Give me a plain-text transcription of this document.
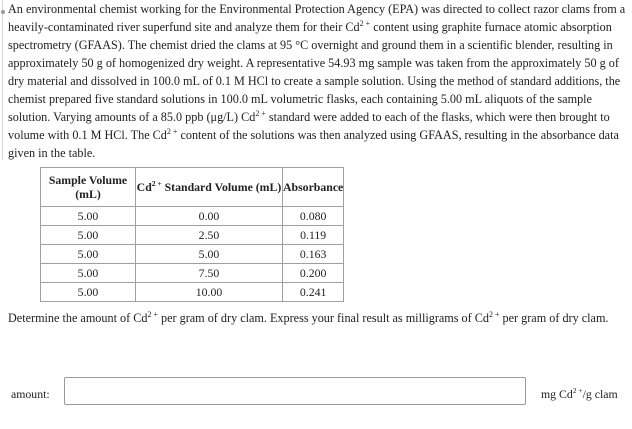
An environmental chemist working for the Environmental Protection Agency (EPA) was directed to collect razor clams from a heavily-contaminated river superfund site and analyze them for their $Cd^{2 +}$ content using graphite furnace atomic absorption spectrometry (GFAAS). The chemist dried the clams at 95 °C overnight and ground them in a scientific blender, resulting in approximately 50 g of homogenized dry weight. A representative 54.93 mg sample was taken from the approximately 50 g of dry material and dissolved in 100.0 mL of 0.1 M HCl to create a sample solution. Using the method of standard additions, the chemist prepared five standard solutions in 100.0 mL volumetric flasks, each containing 5.00 mL aliquots of the sample solution. Varying amounts of a 85.0 ppb (μg/L) $Cd^{2 +}$ standard were added to each of the flasks, which were then brought to volume with 0.1 M HCl. The $Cd^{2 +}$ content of the solutions was then analyzed using GFAAS, resulting in the absorbance data given in the table.

Sample Volume (mL)	$Cd^{2 +}$ Standard Volume (mL)	Absorbance
5.00	0.00	0.080
5.00	2.50	0.119
5.00	5.00	0.163
5.00	7.50	0.200
5.00	10.00	0.241

Determine the amount of $Cd^{2 +}$ per gram of dry clam. Express your final result as milligrams of $Cd^{2 +}$ per gram of dry clam.

amount:	mg $Cd^{2 +}/g$ clam
